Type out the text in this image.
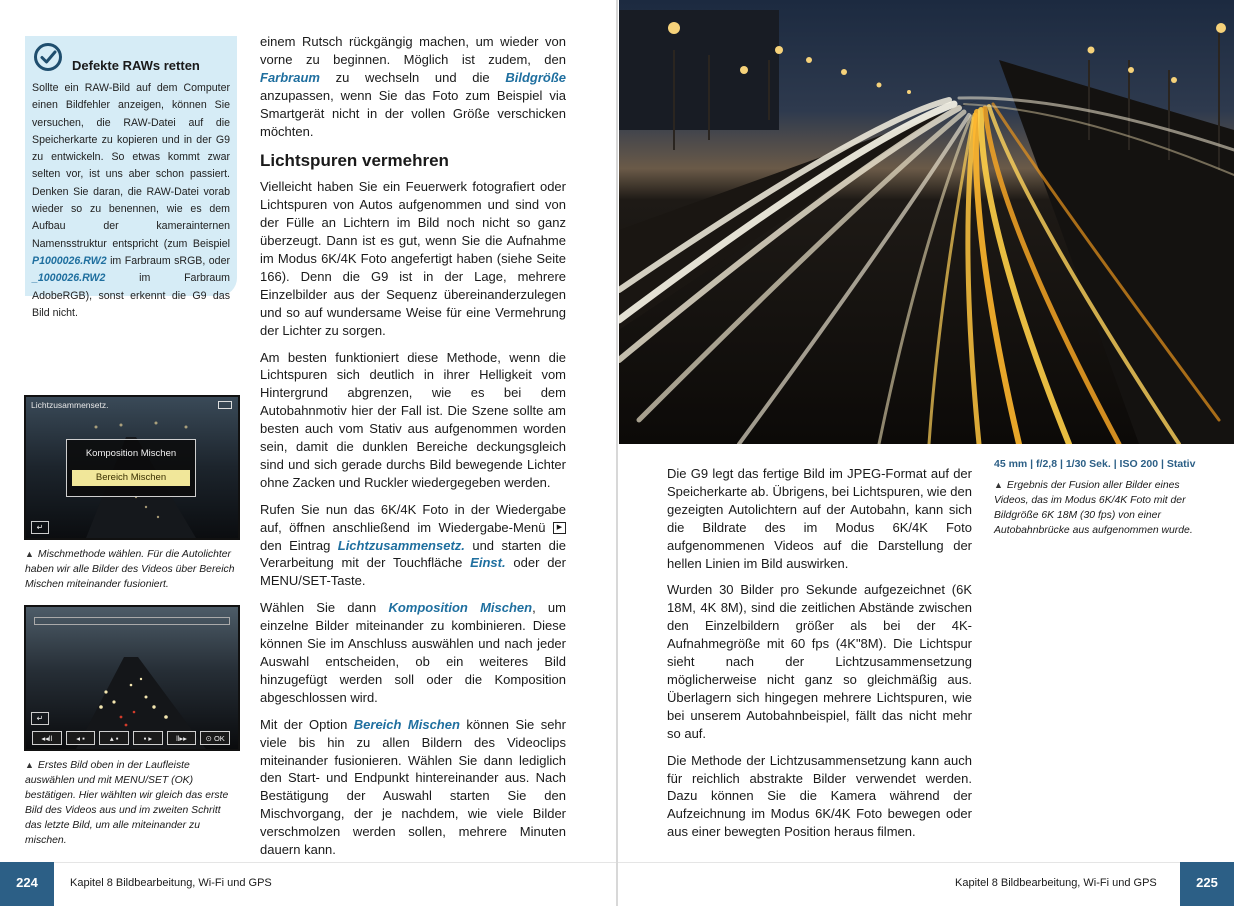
Defekte RAWs retten
Sollte ein RAW-Bild auf dem Computer einen Bildfehler anzeigen, können Sie versuchen, die RAW-Datei auf die Speicherkarte zu kopieren und in der G9 zu entwickeln. So etwas kommt zwar selten vor, ist uns aber schon passiert. Denken Sie daran, die RAW-Datei vorab wieder so zu benennen, wie es dem Aufbau der kamerainternen Namensstruktur entspricht (zum Beispiel P1000026.RW2 im Farbraum sRGB, oder _1000026.RW2 im Farbraum AdobeRGB), sonst erkennt die G9 das Bild nicht.
Lichtzusammensetz.
Komposition Mischen
Bereich Mischen
↵
▲ Mischmethode wählen. Für die Autolichter haben wir alle Bilder des Videos über Bereich Mischen miteinander fusioniert.
↵
◂◂ll	◂ ▪	▴ ▪	▪ ▸	ll▸▸	⊙ OK
▲ Erstes Bild oben in der Laufleiste auswählen und mit MENU/SET (OK) bestätigen. Hier wählten wir gleich das erste Bild des Videos aus und im zweiten Schritt das letzte Bild, um alle miteinander zu mischen.

einem Rutsch rückgängig machen, um wieder von vorne zu beginnen. Möglich ist zudem, den Farbraum zu wechseln und die Bildgröße anzupassen, wenn Sie das Foto zum Beispiel via Smartgerät nicht in der vollen Größe verschicken möchten.

Lichtspuren vermehren

Vielleicht haben Sie ein Feuerwerk fotografiert oder Lichtspuren von Autos aufgenommen und sind von der Fülle an Lichtern im Bild noch nicht so ganz überzeugt. Dann ist es gut, wenn Sie die Aufnahme im Modus 6K/4K Foto angefertigt haben (siehe Seite 166). Denn die G9 ist in der Lage, mehrere Einzelbilder aus der Sequenz übereinanderzulegen und so auf wundersame Weise für eine Vermehrung der Lichter zu sorgen.

Am besten funktioniert diese Methode, wenn die Lichtspuren sich deutlich in ihrer Helligkeit vom Hintergrund abgrenzen, wie es bei dem Autobahnmotiv hier der Fall ist. Die Szene sollte am besten auch vom Stativ aus aufgenommen worden sein, damit die dunklen Bereiche deckungsgleich sind und sich gerade durchs Bild bewegende Lichter ohne Zacken und Ruckler wiedergegeben werden.

Rufen Sie nun das 6K/4K Foto in der Wiedergabe auf, öffnen anschließend im Wiedergabe-Menü ▶ den Eintrag Lichtzusammensetz. und starten die Verarbeitung mit der Touchfläche Einst. oder der MENU/SET-Taste.

Wählen Sie dann Komposition Mischen, um einzelne Bilder miteinander zu kombinieren. Diese können Sie im Anschluss auswählen und nach jeder Auswahl entscheiden, ob ein weiteres Bild hinzugefügt werden soll oder die Komposition abgeschlossen wird.

Mit der Option Bereich Mischen können Sie sehr viele bis hin zu allen Bildern des Videoclips miteinander fusionieren. Wählen Sie dann lediglich den Start- und Endpunkt hintereinander aus. Nach Bestätigung der Auswahl starten Sie den Mischvorgang, der je nachdem, wie viele Bilder verschmolzen werden sollen, mehrere Minuten dauern kann.

45 mm | f/2,8 | 1/30 Sek. | ISO 200 | Stativ
▲ Ergebnis der Fusion aller Bilder eines Videos, das im Modus 6K/4K Foto mit der Bildgröße 6K 18M (30 fps) von einer Autobahnbrücke aus aufgenommen wurde.

Die G9 legt das fertige Bild im JPEG-Format auf der Speicherkarte ab. Übrigens, bei Lichtspuren, wie den gezeigten Autolichtern auf der Autobahn, kann sich die Bildrate des im Modus 6K/4K Foto aufgenommenen Videos auf die Darstellung der hellen Linien im Bild auswirken.

Wurden 30 Bilder pro Sekunde aufgezeichnet (6K 18M, 4K 8M), sind die zeitlichen Abstände zwischen den Einzelbildern größer als bei der 4K-Aufnahmegröße mit 60 fps (4K"8M). Die Lichtspur sieht nach der Lichtzusammensetzung möglicherweise nicht ganz so gleichmäßig aus. Überlagern sich hingegen mehrere Lichtspuren, wie bei unserem Autobahnbeispiel, fällt das nicht mehr so auf.

Die Methode der Lichtzusammensetzung kann auch für reichlich abstrakte Bilder verwendet werden. Dazu können Sie die Kamera während der Aufzeichnung im Modus 6K/4K Foto bewegen oder aus einer bewegten Position heraus filmen.

224	Kapitel 8 Bildbearbeitung, Wi-Fi und GPS	Kapitel 8 Bildbearbeitung, Wi-Fi und GPS	225
